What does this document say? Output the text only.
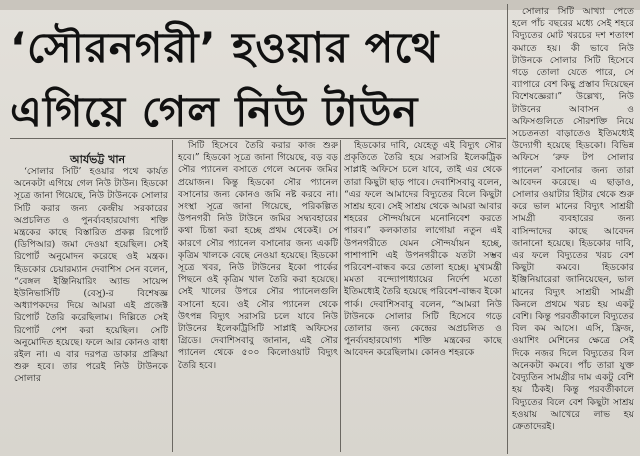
‘সৌরনগরী’ হওয়ার পথে
এগিয়ে গেল নিউ টাউন
আর্যভট্ট খান

‘সোলার সিটি’ হওয়ার পথে কার্যত অনেকটা এগিয়ে গেল নিউ টাউন। হিডকো সূত্রে জানা গিয়েছে, নিউ টাউনকে সোলার সিটি করার জন্য কেন্দ্রীয় সরকারের অপ্রচলিত ও পুনর্ব্যবহারযোগ্য শক্তি মন্ত্রকের কাছে বিস্তারিত প্রকল্প রিপোর্ট (ডিপিআর) জমা দেওয়া হয়েছিল। সেই রিপোর্ট অনুমোদন করেছে ওই মন্ত্রক। হিডকোর চেয়ারম্যান দেবাশিস সেন বলেন, “বেঙ্গল ইঞ্জিনিয়ারিং অ্যান্ড সায়েন্স ইউনিভার্সিটি (বেসু)-র বিশেষজ্ঞ অধ্যাপকদের দিয়ে আমরা এই প্রজেক্ট রিপোর্ট তৈরি করেছিলাম। দিল্লিতে সেই রিপোর্ট পেশ করা হয়েছিল। সেটি অনুমোদিত হয়েছে। ফলে আর কোনও বাধা রইল না। এ বার দরপত্র ডাকার প্রক্রিয়া শুরু হবে। তার পরেই নিউ টাউনকে সোলার

সিটি হিসেবে তৈরি করার কাজ শুরু হবে।” হিডকো সূত্রে জানা গিয়েছে, বড় বড় সৌর প্যানেল বসাতে গেলে অনেক জমির প্রয়োজন। কিন্তু হিডকো সৌর প্যানেল বসানোর জন্য কোনও জমি নষ্ট করবে না। সংস্থা সূত্রে জানা গিয়েছে, পরিকল্পিত উপনগরী নিউ টাউনে জমির সদ্ব্যবহারের কথা চিন্তা করা হচ্ছে প্রথম থেকেই। সে কারণে সৌর প্যানেল বসানোর জন্য একটি কৃত্রিম খালকে বেছে নেওয়া হয়েছে। হিডকো সূত্রে খবর, নিউ টাউনের ইকো পার্কের পিছনে ওই কৃত্রিম খাল তৈরি করা হয়েছে। সেই খালের উপরে সৌর প্যানেলগুলি বসানো হবে। ওই সৌর প্যানেল থেকে উৎপন্ন বিদ্যুৎ সরাসরি চলে যাবে নিউ টাউনের ইলেকট্রিসিটি সাপ্লাই অফিসের গ্রিডে। দেবাশিসবাবু জানান, এই সৌর প্যানেল থেকে ৫০০ কিলোওয়াট বিদ্যুৎ তৈরি হবে।

হিডকোর দাবি, যেহেতু এই বিদ্যুৎ সৌর প্রকৃতিতে তৈরি হয়ে সরাসরি ইলেকট্রিক সাপ্লাই অফিসে চলে যাবে, তাই এর থেকে তারা কিছুটা ছাড় পাবে। দেবাশিসবাবু বলেন, “এর ফলে আমাদের বিদ্যুতের বিলে কিছুটা সাশ্রয় হবে। সেই সাশ্রয় থেকে আমরা আবার শহরের সৌন্দর্যায়নে মনোনিবেশ করতে পারব।” কলকাতার লাগোয়া নতুন এই উপনগরীতে যেমন সৌন্দর্যায়ন হচ্ছে, পাশাপাশি এই উপনগরীকে যতটা সম্ভব পরিবেশ-বান্ধব করে তোলা হচ্ছে। মুখ্যমন্ত্রী মমতা বন্দ্যোপাধ্যায়ের নির্দেশ মতো ইতিমধ্যেই তৈরি হয়েছে পরিবেশ-বান্ধব ইকো পার্ক। দেবাশিসবাবু বলেন, “আমরা নিউ টাউনকে সোলার সিটি হিসেবে গড়ে তোলার জন্য কেন্দ্রের অপ্রচলিত ও পুনর্ব্যবহারযোগ্য শক্তি মন্ত্রকের কাছে আবেদন করেছিলাম। কোনও শহরকে

সোলার সিটি আখ্যা পেতে হলে পাঁচ বছরের মধ্যে সেই শহরে বিদ্যুতের মোট খরচের দশ শতাংশ কমাতে হয়। কী ভাবে নিউ টাউনকে সোলার সিটি হিসেবে গড়ে তোলা যেতে পারে, সে ব্যাপারে বেশ কিছু প্রস্তাব দিয়েছেন বিশেষজ্ঞেরা।” উল্লেখ্য, নিউ টাউনের আবাসন ও অফিসগুলিতে সৌরশক্তি নিয়ে সচেতনতা বাড়াতেও ইতিমধ্যেই উদ্যোগী হয়েছে হিডকো। বিভিন্ন অফিসে ‘রুফ টপ সোলার প্যানেল’ বসানোর জন্য তারা আবেদন করেছে। এ ছাড়াও, সোলার ওয়াটার হিটার থেকে শুরু করে ভাল মানের বিদ্যুৎ সাশ্রয়ী সামগ্রী ব্যবহারের জন্য বাসিন্দাদের কাছে আবেদন জানানো হয়েছে। হিডকোর দাবি, এর ফলে বিদ্যুতের খরচ বেশ কিছুটা কমবে। হিডকোর ইঞ্জিনিয়ারেরা জানিয়েছেন, ভাল মানের বিদ্যুৎ সাশ্রয়ী সামগ্রী কিনলে প্রথমে খরচ হয় একটু বেশি। কিন্তু পরবর্তীকালে বিদ্যুতের বিল কম আসে। এসি, ফ্রিজ, ওয়াশিং মেশিনের ক্ষেত্রে সেই দিকে নজর দিলে বিদ্যুতের বিল অনেকটা কমবে। পাঁচ তারা যুক্ত বৈদ্যুতিন সামগ্রীর দাম একটু বেশি হয় ঠিকই। কিন্তু পরবর্তীকালে বিদ্যুতের বিলে বেশ কিছুটা সাশ্রয় হওয়ায় আখেরে লাভ হয় ক্রেতাদেরই।
